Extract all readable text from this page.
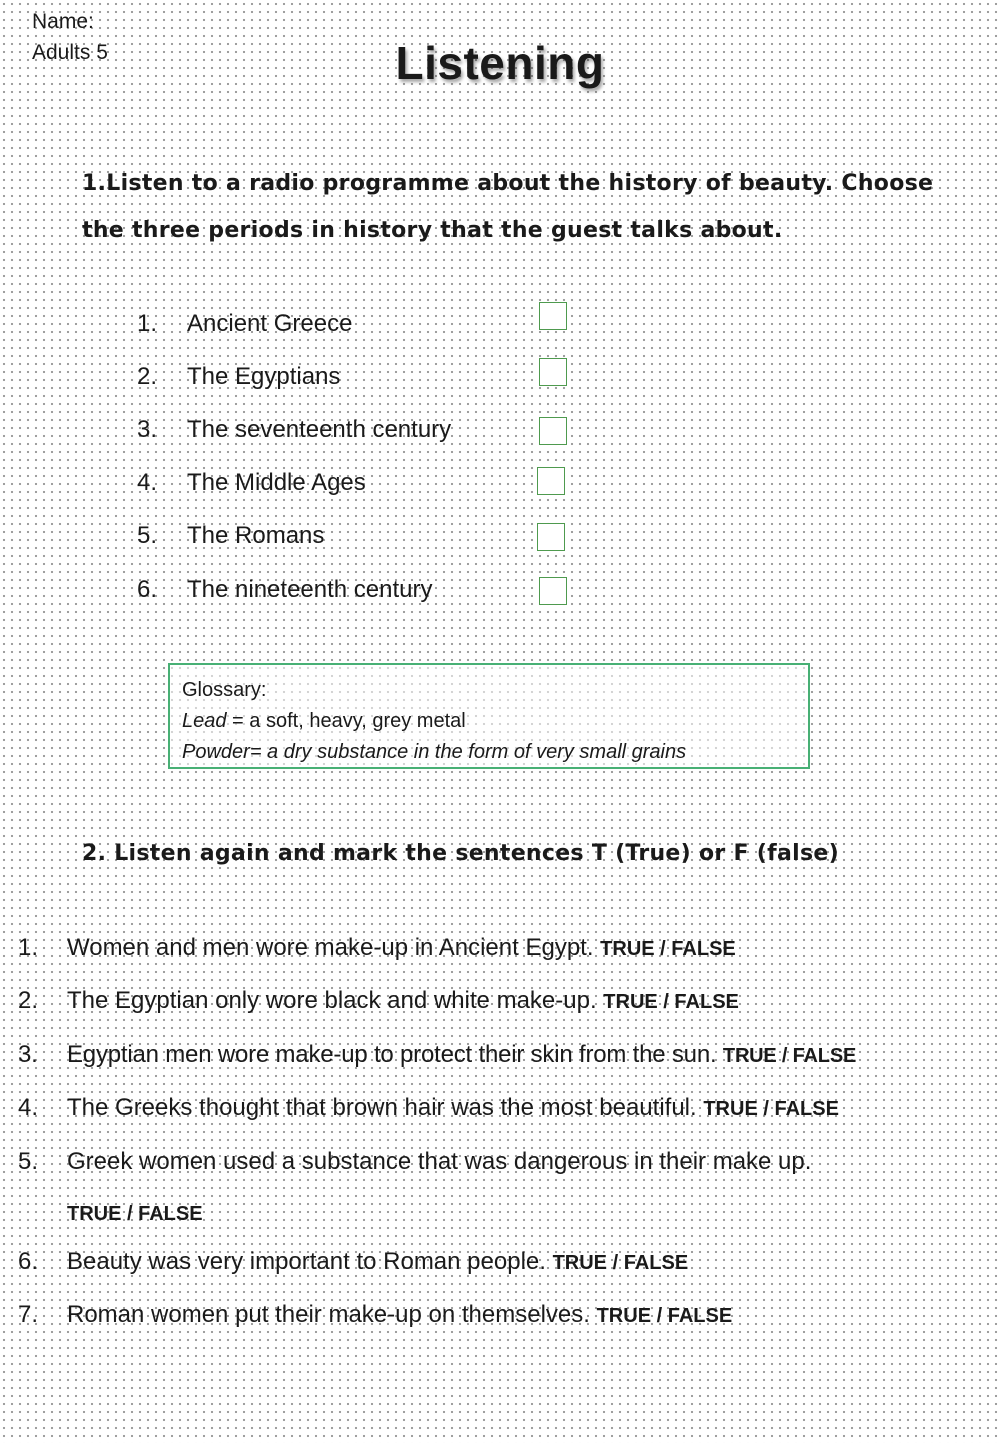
Name:
Adults 5	Listening
1.Listen to a radio programme about the history of beauty. Choose
the three periods in history that the guest talks about.
1. Ancient Greece
2. The Egyptians
3. The seventeenth century
4. The Middle Ages
5. The Romans
6. The nineteenth century
Glossary:
Lead = a soft, heavy, grey metal
Powder= a dry substance in the form of very small grains
2. Listen again and mark the sentences T (True) or F (false)
1. Women and men wore make-up in Ancient Egypt. TRUE / FALSE
2. The Egyptian only wore black and white make-up. TRUE / FALSE
3. Egyptian men wore make-up to protect their skin from the sun. TRUE / FALSE
4. The Greeks thought that brown hair was the most beautiful. TRUE / FALSE
5. Greek women used a substance that was dangerous in their make up.
TRUE / FALSE
6. Beauty was very important to Roman people. TRUE / FALSE
7. Roman women put their make-up on themselves. TRUE / FALSE
